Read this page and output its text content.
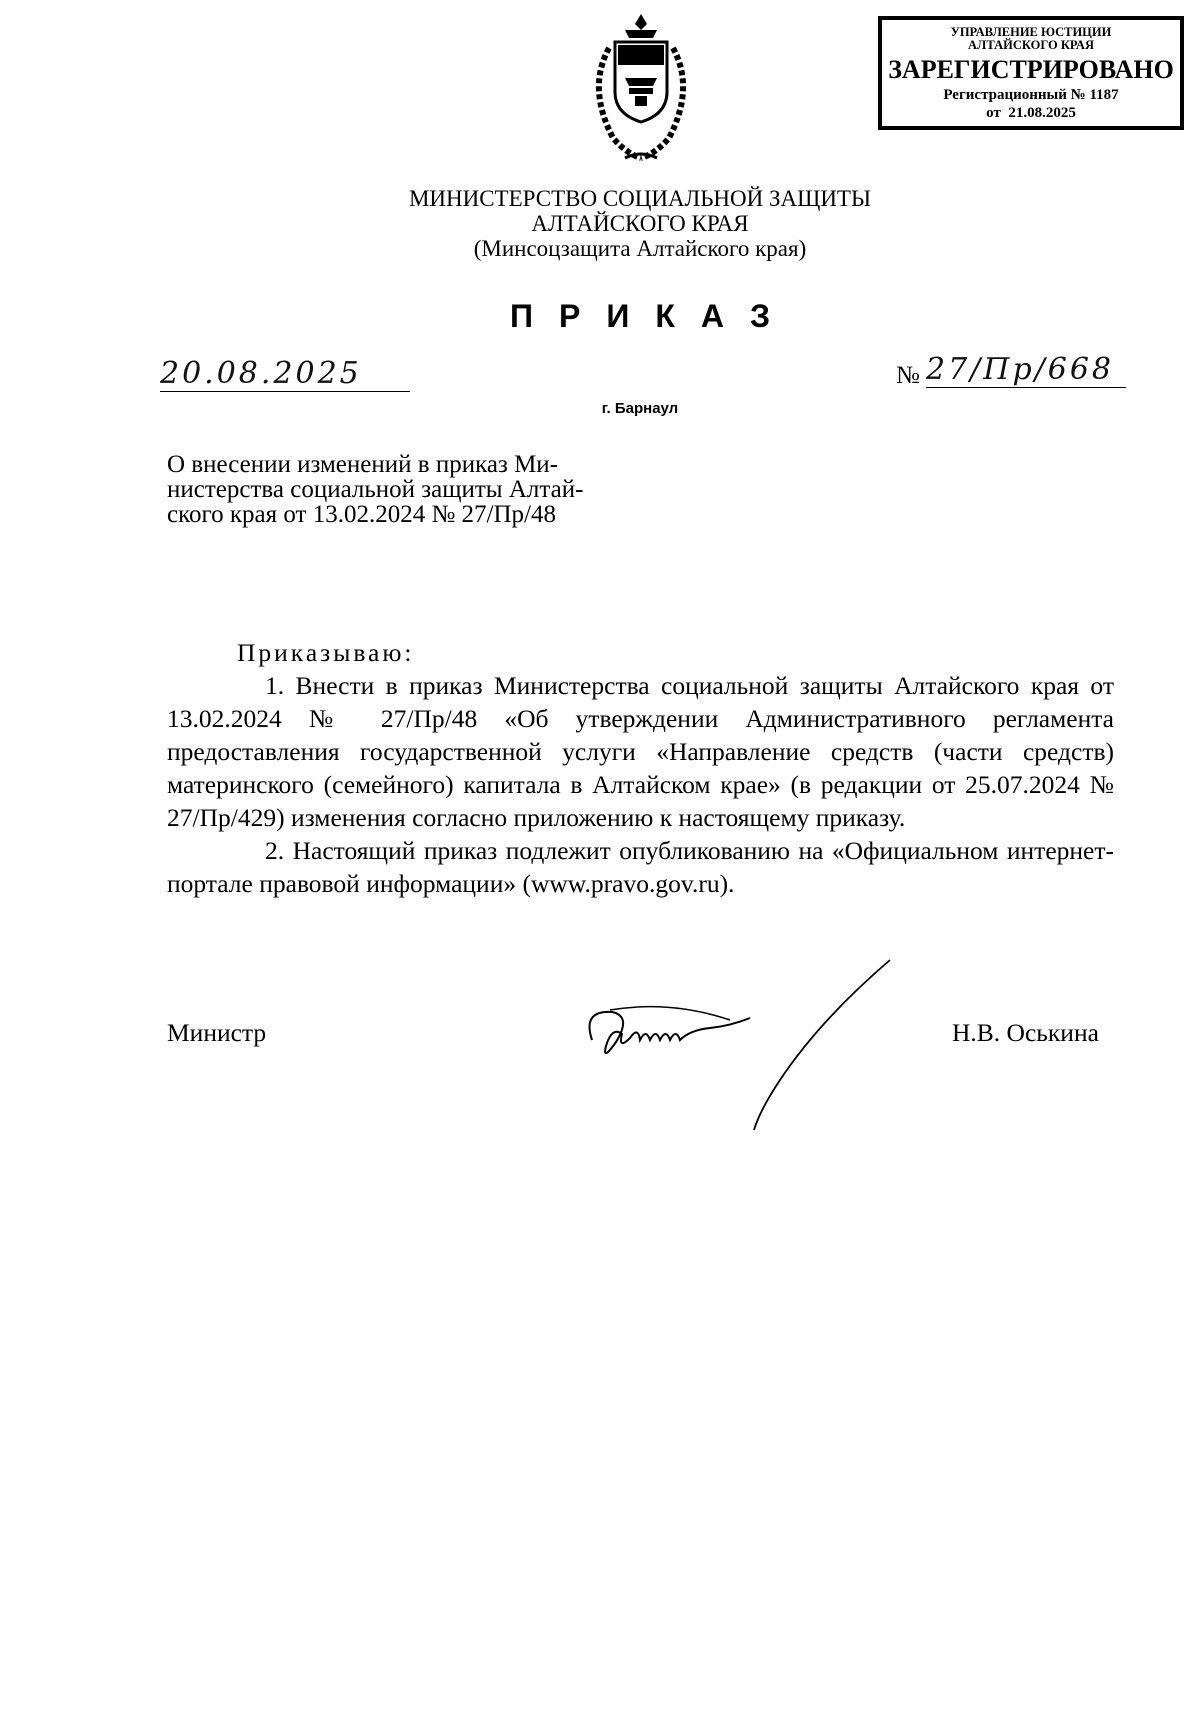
УПРАВЛЕНИЕ ЮСТИЦИИ
АЛТАЙСКОГО КРАЯ
ЗАРЕГИСТРИРОВАНО
Регистрационный № 1187
от  21.08.2025
МИНИСТЕРСТВО СОЦИАЛЬНОЙ ЗАЩИТЫ
АЛТАЙСКОГО КРАЯ
(Минсоцзащита Алтайского края)
ПРИКАЗ
20.08.2025	№ 27/Пр/668
г. Барнаул
О внесении изменений в приказ Ми-
нистерства социальной защиты Алтай-
ского края от 13.02.2024 № 27/Пр/48

Приказываю:

1. Внести в приказ Министерства социальной защиты Алтайского края от 13.02.2024 № 27/Пр/48 «Об утверждении Административного регламента предоставления государственной услуги «Направление средств (части средств) материнского (семейного) капитала в Алтайском крае» (в редакции от 25.07.2024 № 27/Пр/429) изменения согласно приложению к настоящему приказу.

2. Настоящий приказ подлежит опубликованию на «Официальном интернет-портале правовой информации» (www.pravo.gov.ru).

Министр	Н.В. Оськина
